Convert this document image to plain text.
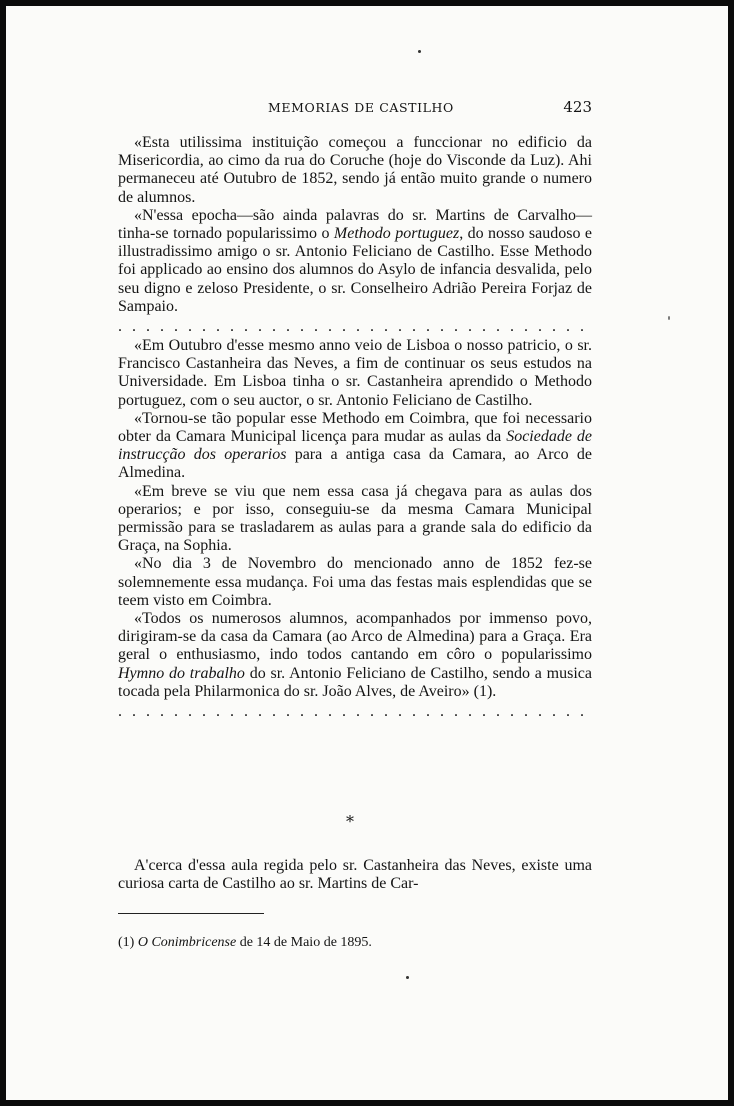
MEMORIAS DE CASTILHO	423

«Esta utilissima instituição começou a funccionar no edificio da Misericordia, ao cimo da rua do Coruche (hoje do Visconde da Luz). Ahi permaneceu até Outubro de 1852, sendo já então muito grande o numero de alumnos.

«N'essa epocha—são ainda palavras do sr. Martins de Carvalho—tinha-se tornado popularissimo o Methodo portuguez, do nosso saudoso e illustradissimo amigo o sr. Antonio Feliciano de Castilho. Esse Methodo foi applicado ao ensino dos alumnos do Asylo de infancia desvalida, pelo seu digno e zeloso Presidente, o sr. Conselheiro Adrião Pereira Forjaz de Sampaio.

. . .

«Em Outubro d'esse mesmo anno veio de Lisboa o nosso patricio, o sr. Francisco Castanheira das Neves, a fim de continuar os seus estudos na Universidade. Em Lisboa tinha o sr. Castanheira aprendido o Methodo portuguez, com o seu auctor, o sr. Antonio Feliciano de Castilho.

«Tornou-se tão popular esse Methodo em Coimbra, que foi necessario obter da Camara Municipal licença para mudar as aulas da Sociedade de instrucção dos operarios para a antiga casa da Camara, ao Arco de Almedina.

«Em breve se viu que nem essa casa já chegava para as aulas dos operarios; e por isso, conseguiu-se da mesma Camara Municipal permissão para se trasladarem as aulas para a grande sala do edificio da Graça, na Sophia.

«No dia 3 de Novembro do mencionado anno de 1852 fez-se solemnemente essa mudança. Foi uma das festas mais esplendidas que se teem visto em Coimbra.

«Todos os numerosos alumnos, acompanhados por immenso povo, dirigiram-se da casa da Camara (ao Arco de Almedina) para a Graça. Era geral o enthusiasmo, indo todos cantando em côro o popularissimo Hymno do trabalho do sr. Antonio Feliciano de Castilho, sendo a musica tocada pela Philarmonica do sr. João Alves, de Aveiro» (1).

. . .
*

A'cerca d'essa aula regida pelo sr. Castanheira das Neves, existe uma curiosa carta de Castilho ao sr. Martins de Car-

(1) O Conimbricense de 14 de Maio de 1895.
